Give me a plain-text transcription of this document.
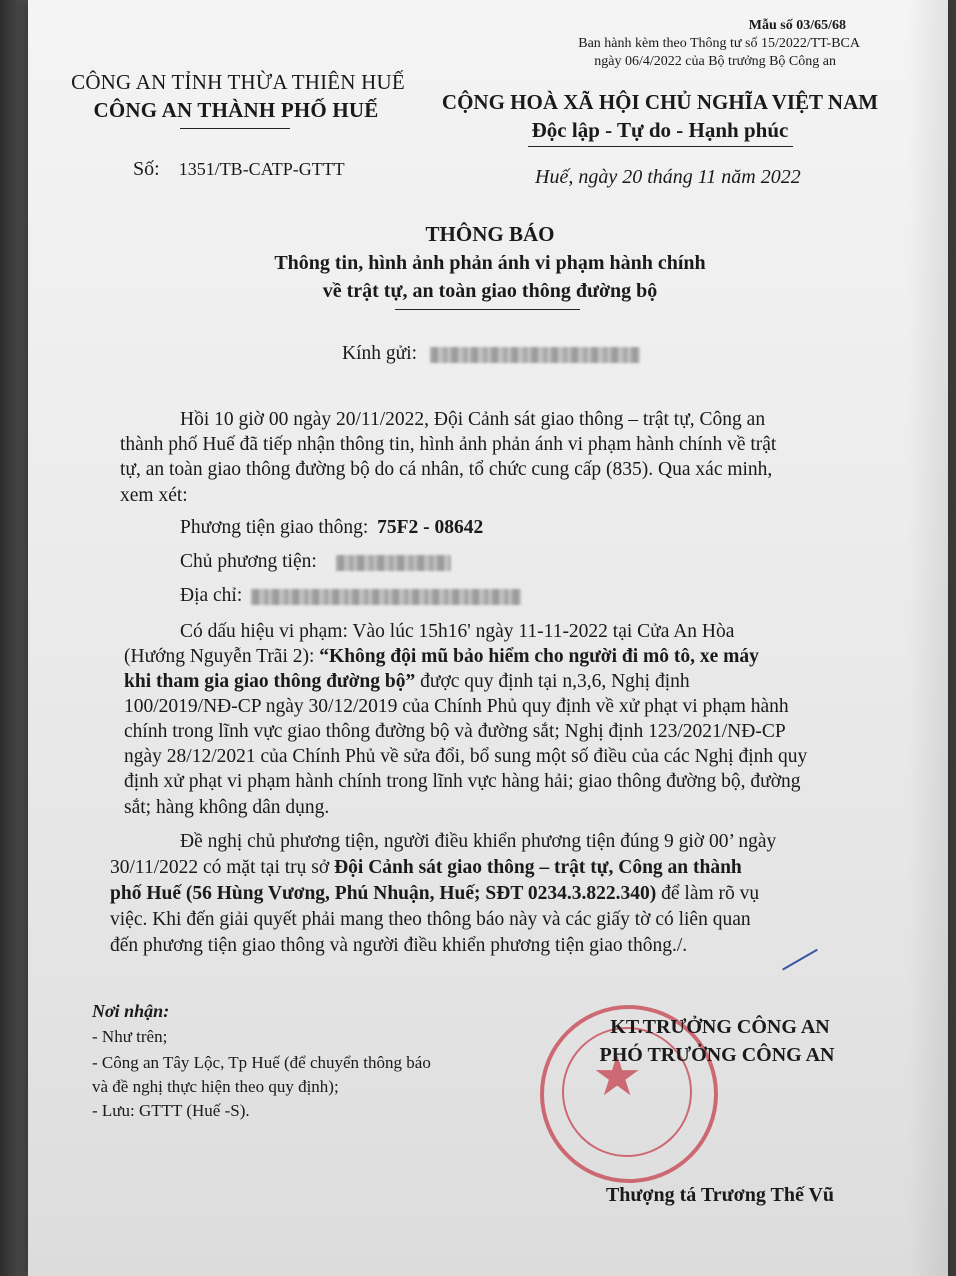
Mẫu số 03/65/68
Ban hành kèm theo Thông tư số 15/2022/TT-BCA
ngày 06/4/2022 của Bộ trưởng Bộ Công an
CÔNG AN TỈNH THỪA THIÊN HUẾ
CÔNG AN THÀNH PHỐ HUẾ	CỘNG HOÀ XÃ HỘI CHỦ NGHĨA VIỆT NAM
Độc lập - Tự do - Hạnh phúc
Số: 1351/TB-CATP-GTTT	Huế, ngày 20 tháng 11 năm 2022
THÔNG BÁO
Thông tin, hình ảnh phản ánh vi phạm hành chính
về trật tự, an toàn giao thông đường bộ
Kính gửi:
Hồi 10 giờ 00 ngày 20/11/2022, Đội Cảnh sát giao thông – trật tự, Công an
thành phố Huế đã tiếp nhận thông tin, hình ảnh phản ánh vi phạm hành chính về trật
tự, an toàn giao thông đường bộ do cá nhân, tổ chức cung cấp (835). Qua xác minh,
xem xét:
Phương tiện giao thông: 75F2 - 08642
Chủ phương tiện:
Địa chỉ:
Có dấu hiệu vi phạm: Vào lúc 15h16' ngày 11-11-2022 tại Cửa An Hòa
(Hướng Nguyễn Trãi 2): “Không đội mũ bảo hiểm cho người đi mô tô, xe máy
khi tham gia giao thông đường bộ” được quy định tại n,3,6, Nghị định
100/2019/NĐ-CP ngày 30/12/2019 của Chính Phủ quy định về xử phạt vi phạm hành
chính trong lĩnh vực giao thông đường bộ và đường sắt; Nghị định 123/2021/NĐ-CP
ngày 28/12/2021 của Chính Phủ về sửa đổi, bổ sung một số điều của các Nghị định quy
định xử phạt vi phạm hành chính trong lĩnh vực hàng hải; giao thông đường bộ, đường
sắt; hàng không dân dụng.
Đề nghị chủ phương tiện, người điều khiển phương tiện đúng 9 giờ 00’ ngày
30/11/2022 có mặt tại trụ sở Đội Cảnh sát giao thông – trật tự, Công an thành
phố Huế (56 Hùng Vương, Phú Nhuận, Huế; SĐT 0234.3.822.340) để làm rõ vụ
việc. Khi đến giải quyết phải mang theo thông báo này và các giấy tờ có liên quan
đến phương tiện giao thông và người điều khiển phương tiện giao thông./.
Nơi nhận:
- Như trên;
- Công an Tây Lộc, Tp Huế (để chuyển thông báo
và đề nghị thực hiện theo quy định);
- Lưu: GTTT (Huế -S).
★
KT.TRƯỞNG CÔNG AN
PHÓ TRƯỞNG CÔNG AN
Thượng tá Trương Thế Vũ
